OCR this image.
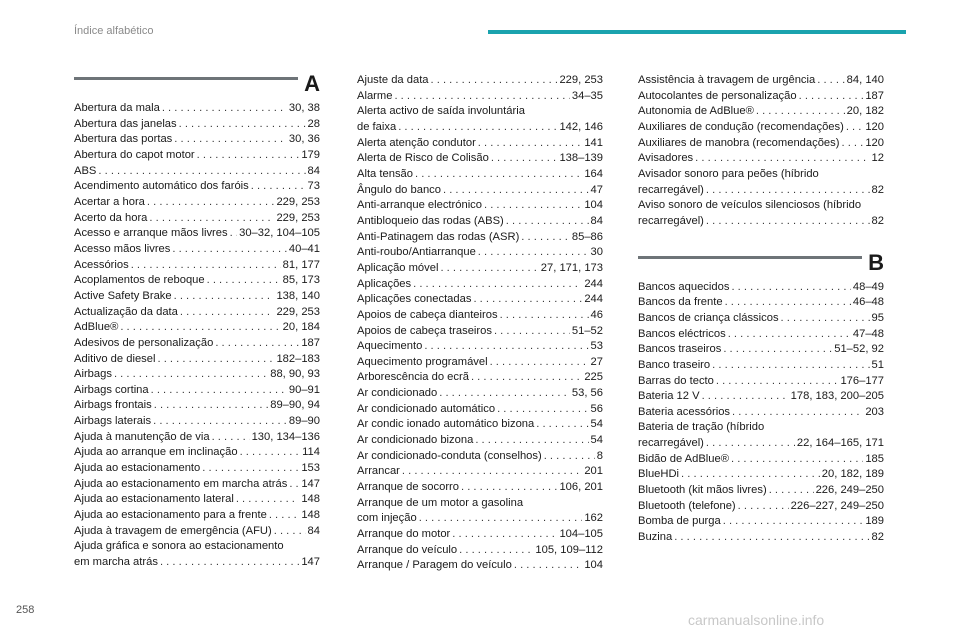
Índice alfabético
A
Abertura da mala . . .	30, 38
Abertura das janelas . . .	28
Abertura das portas . . .	30, 36
Abertura do capot motor . . .	179
ABS . . .	84
Acendimento automático dos faróis . . .	73
Acertar a hora . . .	229, 253
Acerto da hora . . .	229, 253
Acesso e arranque mãos livres . . . 30–32, 104–105
Acesso mãos livres . . .	40–41
Acessórios . . .	81, 177
Acoplamentos de reboque . . .	85, 173
Active Safety Brake . . .	138, 140
Actualização da data . . .	229, 253
AdBlue® . . .	20, 184
Adesivos de personalização . . .	187
Aditivo de diesel . . .	182–183
Airbags . . .	88, 90, 93
Airbags cortina . . .	90–91
Airbags frontais . . .	89–90, 94
Airbags laterais . . .	89–90
Ajuda à manutenção de via . . .	130, 134–136
Ajuda ao arranque em inclinação . . .	114
Ajuda ao estacionamento . . .	153
Ajuda ao estacionamento em marcha atrás . . . 147
Ajuda ao estacionamento lateral . . .	148
Ajuda ao estacionamento para a frente . . .	148
Ajuda à travagem de emergência (AFU) . . .	84
Ajuda gráfica e sonora ao estacionamento
em marcha atrás . . .	147
Ajuste da data . . .	229, 253
Alarme . . .	34–35
Alerta activo de saída involuntária
de faixa . . .	142, 146
Alerta atenção condutor . . .	141
Alerta de Risco de Colisão . . .	138–139
Alta tensão . . .	164
Ângulo do banco . . .	47
Anti-arranque electrónico . . .	104
Antibloqueio das rodas (ABS) . . .	84
Anti-Patinagem das rodas (ASR) . . .	85–86
Anti-roubo/Antiarranque . . .	30
Aplicação móvel . . .	27, 171, 173
Aplicações . . .	244
Aplicações conectadas . . .	244
Apoios de cabeça dianteiros . . .	46
Apoios de cabeça traseiros . . .	51–52
Aquecimento . . .	53
Aquecimento programável . . .	27
Arborescência do ecrã . . .	225
Ar condicionado . . .	53, 56
Ar condicionado automático . . .	56
Ar condic ionado automático bizona . . .	54
Ar condicionado bizona . . .	54
Ar condicionado-conduta (conselhos) . . .	8
Arrancar . . .	201
Arranque de socorro . . .	106, 201
Arranque de um motor a gasolina
com injeção . . .	162
Arranque do motor . . .	104–105
Arranque do veículo . . .	105, 109–112
Arranque / Paragem do veículo . . .	104
Assistência à travagem de urgência . . .	84, 140
Autocolantes de personalização . . .	187
Autonomia de AdBlue® . . .	20, 182
Auxiliares de condução (recomendações) . . . 120
Auxiliares de manobra (recomendações) . . . 120
Avisadores . . .	12
Avisador sonoro para peões (híbrido
recarregável) . . .	82
Aviso sonoro de veículos silenciosos (híbrido
recarregável) . . .	82
B
Bancos aquecidos . . .	48–49
Bancos da frente . . .	46–48
Bancos de criança clássicos . . .	95
Bancos eléctricos . . .	47–48
Bancos traseiros . . .	51–52, 92
Banco traseiro . . .	51
Barras do tecto . . .	176–177
Bateria 12 V . . .	178, 183, 200–205
Bateria acessórios . . .	203
Bateria de tração (híbrido
recarregável) . . .	22, 164–165, 171
Bidão de AdBlue® . . .	185
BlueHDi . . .	20, 182, 189
Bluetooth (kit mãos livres) . . .	226, 249–250
Bluetooth (telefone) . . .	226–227, 249–250
Bomba de purga . . .	189
Buzina . . .	82
258
carmanualsonline.info
